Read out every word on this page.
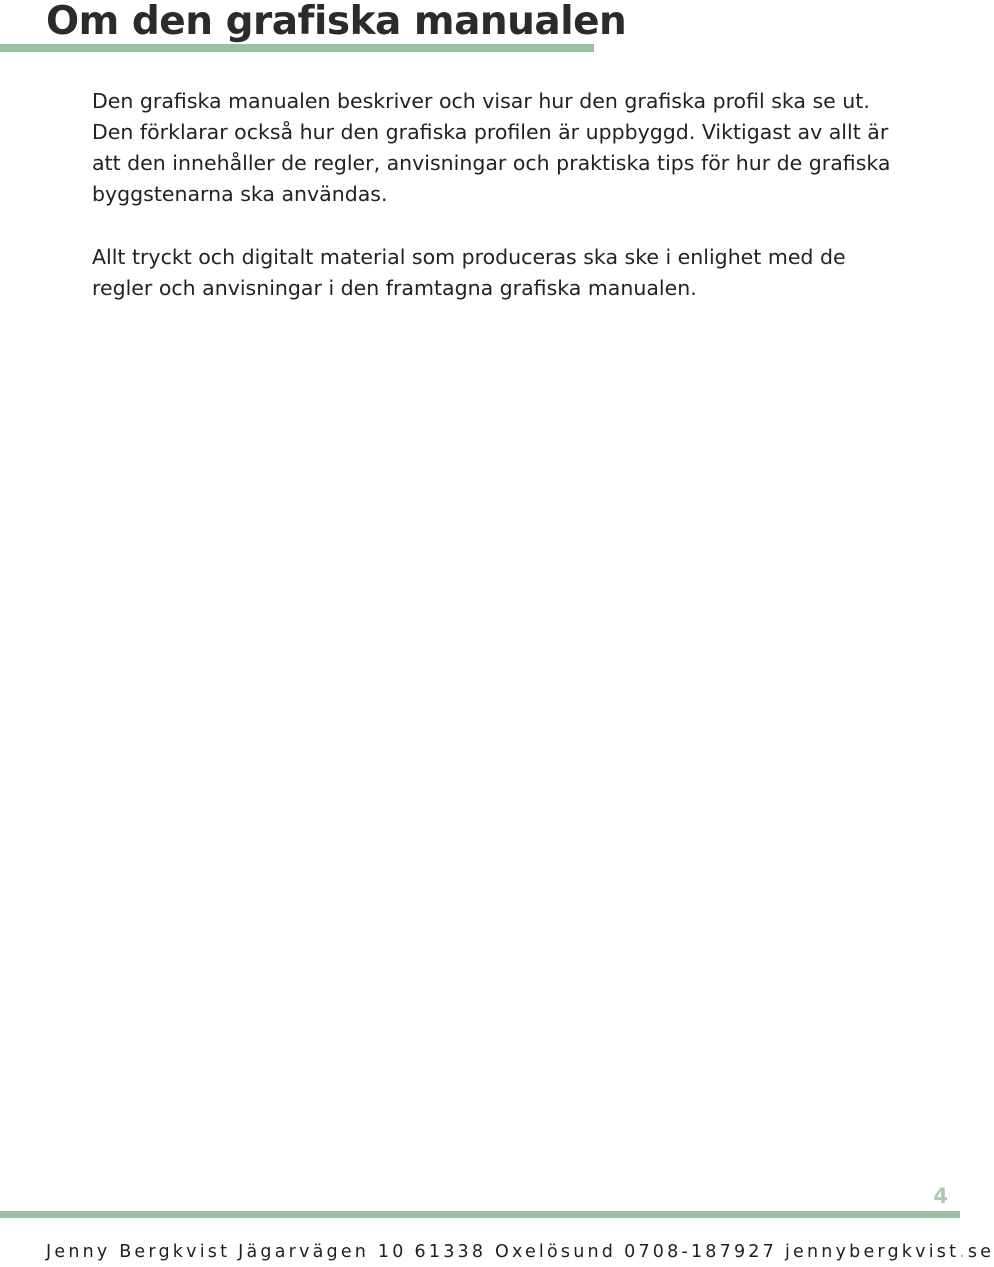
Om den grafiska manualen

Den grafiska manualen beskriver och visar hur den grafiska profil ska se ut. Den förklarar också hur den grafiska profilen är uppbyggd. Viktigast av allt är att den innehåller de regler, anvisningar och praktiska tips för hur de grafiska byggstenarna ska användas.

Allt tryckt och digitalt material som produceras ska ske i enlighet med de regler och anvisningar i den framtagna grafiska manualen.

4
Jenny Bergkvist Jägarvägen 10 61338 Oxelösund 0708-187927 jennybergkvist.se
